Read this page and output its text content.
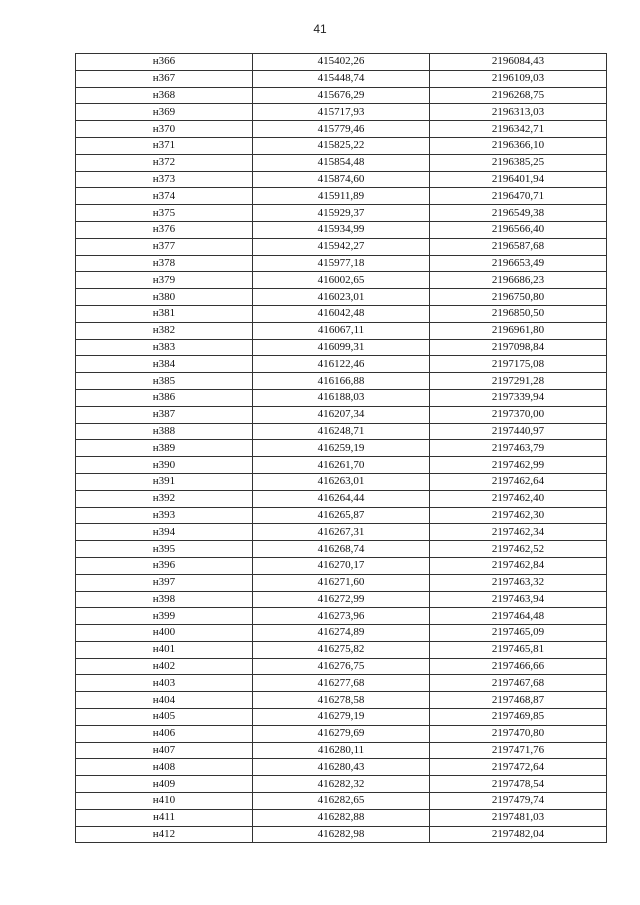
41
н366	415402,26	2196084,43
н367	415448,74	2196109,03
н368	415676,29	2196268,75
н369	415717,93	2196313,03
н370	415779,46	2196342,71
н371	415825,22	2196366,10
н372	415854,48	2196385,25
н373	415874,60	2196401,94
н374	415911,89	2196470,71
н375	415929,37	2196549,38
н376	415934,99	2196566,40
н377	415942,27	2196587,68
н378	415977,18	2196653,49
н379	416002,65	2196686,23
н380	416023,01	2196750,80
н381	416042,48	2196850,50
н382	416067,11	2196961,80
н383	416099,31	2197098,84
н384	416122,46	2197175,08
н385	416166,88	2197291,28
н386	416188,03	2197339,94
н387	416207,34	2197370,00
н388	416248,71	2197440,97
н389	416259,19	2197463,79
н390	416261,70	2197462,99
н391	416263,01	2197462,64
н392	416264,44	2197462,40
н393	416265,87	2197462,30
н394	416267,31	2197462,34
н395	416268,74	2197462,52
н396	416270,17	2197462,84
н397	416271,60	2197463,32
н398	416272,99	2197463,94
н399	416273,96	2197464,48
н400	416274,89	2197465,09
н401	416275,82	2197465,81
н402	416276,75	2197466,66
н403	416277,68	2197467,68
н404	416278,58	2197468,87
н405	416279,19	2197469,85
н406	416279,69	2197470,80
н407	416280,11	2197471,76
н408	416280,43	2197472,64
н409	416282,32	2197478,54
н410	416282,65	2197479,74
н411	416282,88	2197481,03
н412	416282,98	2197482,04
